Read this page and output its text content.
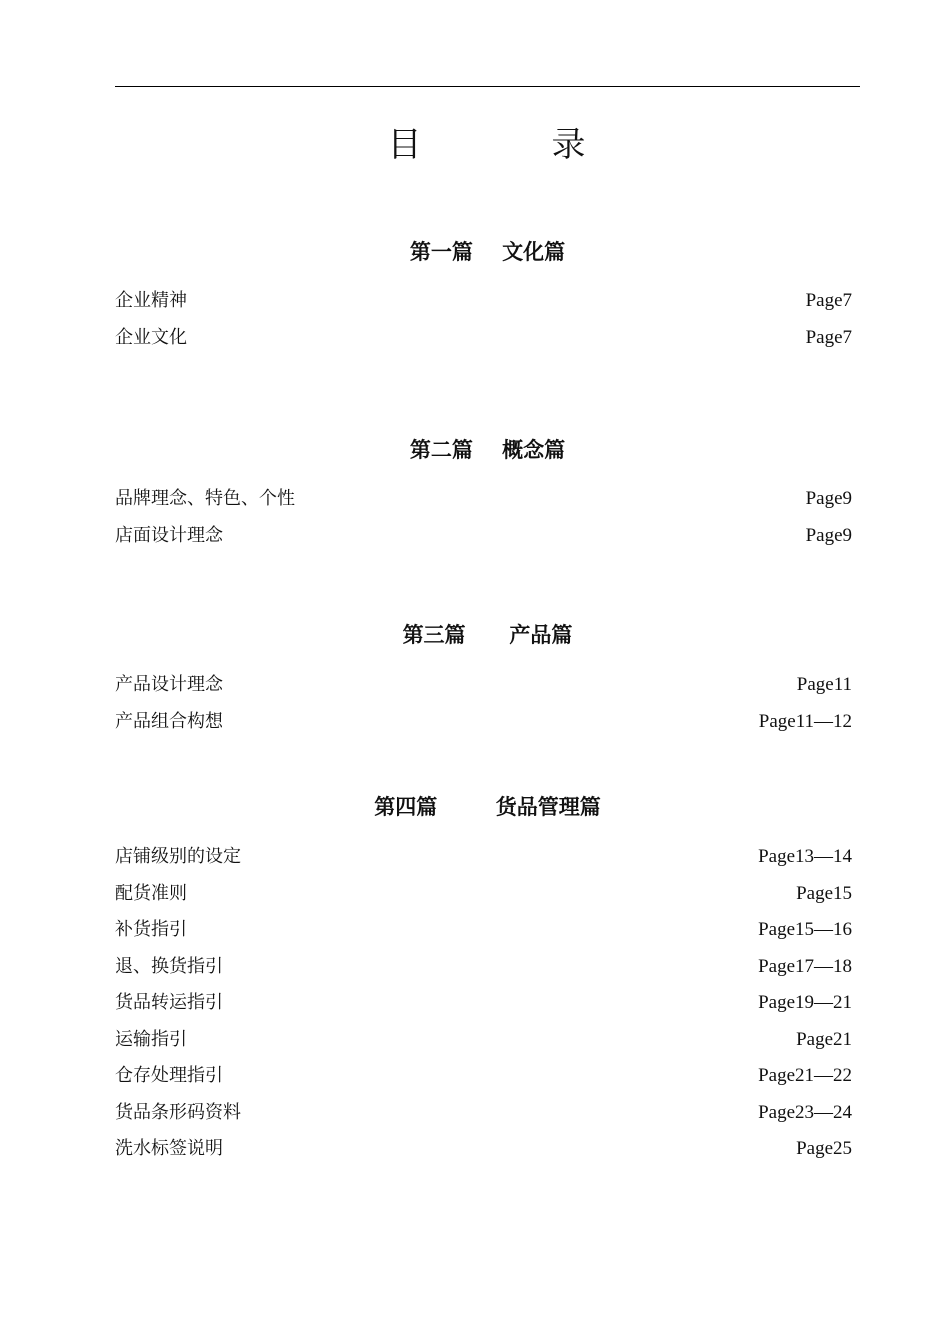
目          录
第一篇    文化篇
企业精神	Page7
企业文化	Page7
第二篇    概念篇
品牌理念、特色、个性	Page9
店面设计理念	Page9
第三篇      产品篇
产品设计理念	Page11
产品组合构想	Page11—12
第四篇        货品管理篇
店铺级别的设定	Page13—14
配货准则	Page15
补货指引	Page15—16
退、换货指引	Page17—18
货品转运指引	Page19—21
运输指引	Page21
仓存处理指引	Page21—22
货品条形码资料	Page23—24
洗水标签说明	Page25
